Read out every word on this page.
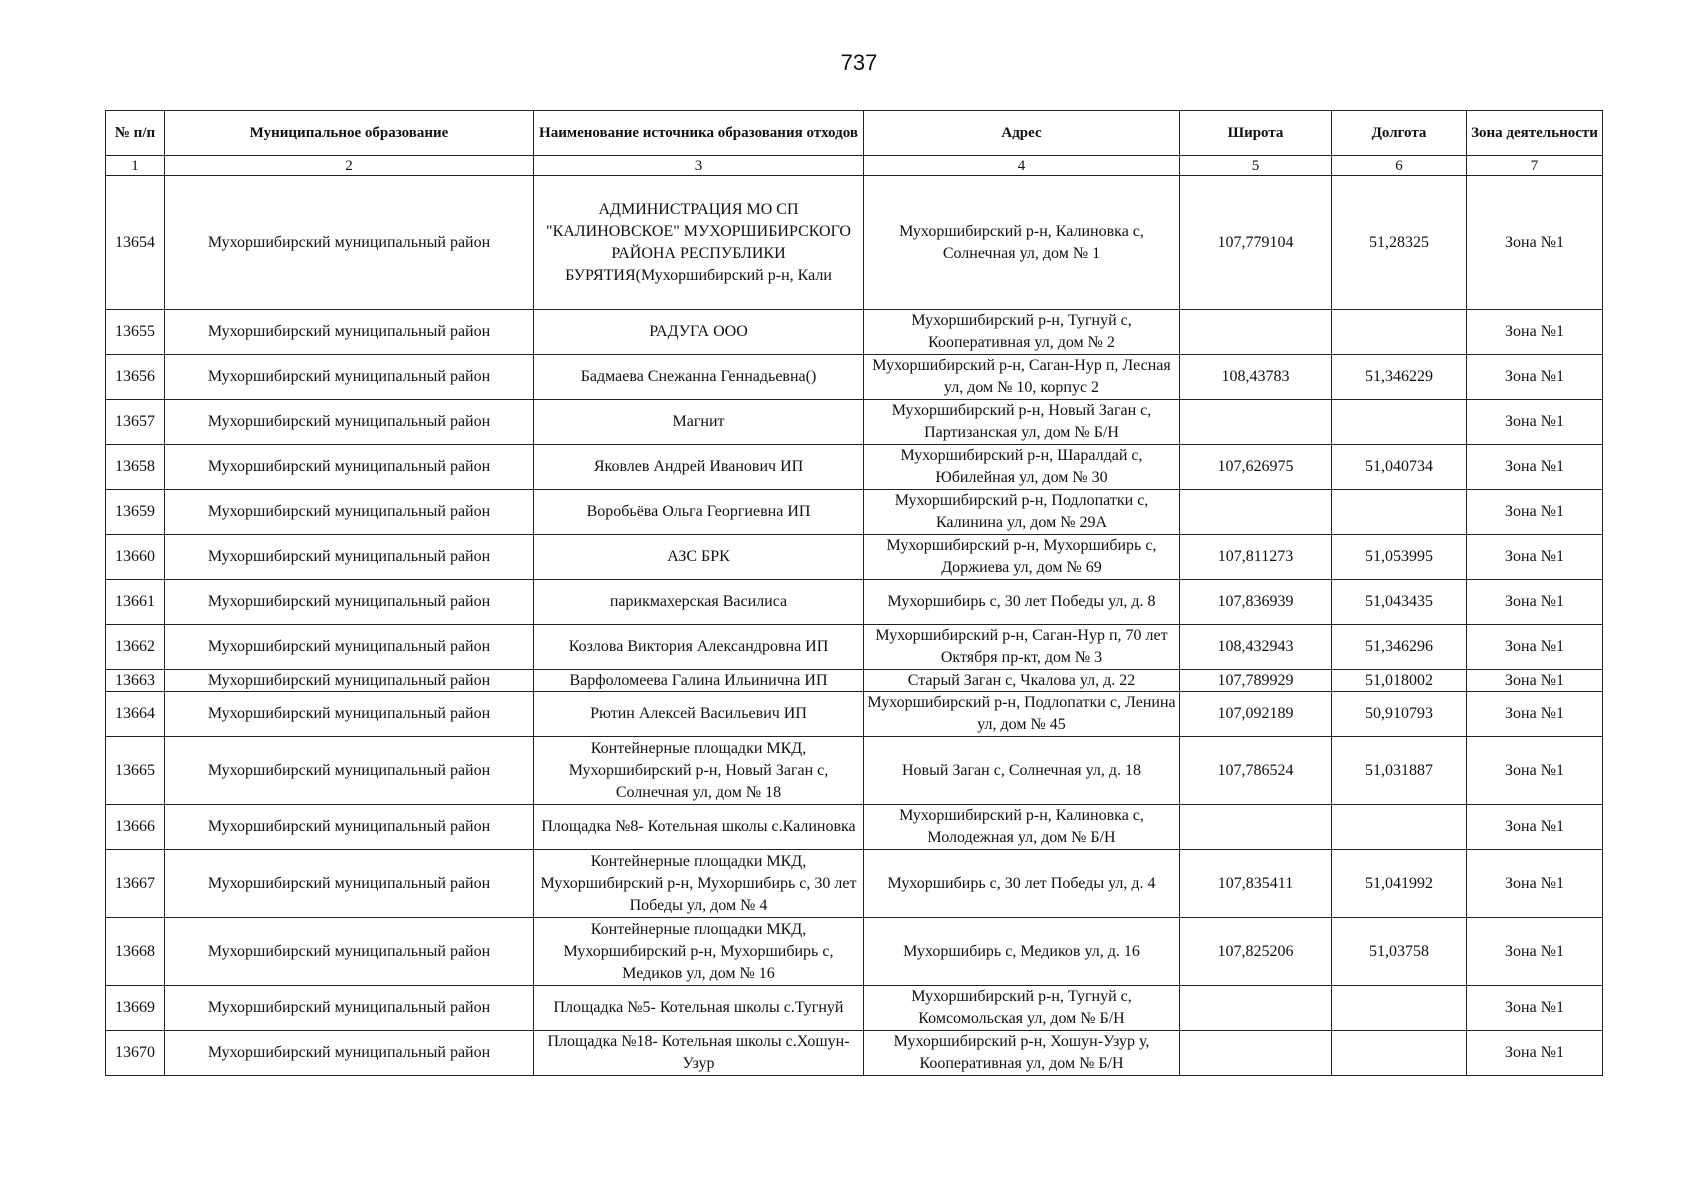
737
№ п/п	Муниципальное образование	Наименование источника образования отходов	Адрес	Широта	Долгота	Зона деятельности
1	2	3	4	5	6	7
13654	Мухоршибирский муниципальный район	АДМИНИСТРАЦИЯ МО СП "КАЛИНОВСКОЕ" МУХОРШИБИРСКОГО РАЙОНА РЕСПУБЛИКИ БУРЯТИЯ(Мухоршибирский р-н, Кали	Мухоршибирский р-н, Калиновка с, Солнечная ул, дом № 1	107,779104	51,28325	Зона №1
13655	Мухоршибирский муниципальный район	РАДУГА ООО	Мухоршибирский р-н, Тугнуй с, Кооперативная ул, дом № 2			Зона №1
13656	Мухоршибирский муниципальный район	Бадмаева Снежанна Геннадьевна()	Мухоршибирский р-н, Саган-Нур п, Лесная ул, дом № 10, корпус 2	108,43783	51,346229	Зона №1
13657	Мухоршибирский муниципальный район	Магнит	Мухоршибирский р-н, Новый Заган с, Партизанская ул, дом № Б/Н			Зона №1
13658	Мухоршибирский муниципальный район	Яковлев Андрей Иванович ИП	Мухоршибирский р-н, Шаралдай с, Юбилейная ул, дом № 30	107,626975	51,040734	Зона №1
13659	Мухоршибирский муниципальный район	Воробьёва Ольга Георгиевна ИП	Мухоршибирский р-н, Подлопатки с, Калинина ул, дом № 29А			Зона №1
13660	Мухоршибирский муниципальный район	АЗС БРК	Мухоршибирский р-н, Мухоршибирь с, Доржиева ул, дом № 69	107,811273	51,053995	Зона №1
13661	Мухоршибирский муниципальный район	парикмахерская Василиса	Мухоршибирь с, 30 лет Победы ул, д. 8	107,836939	51,043435	Зона №1
13662	Мухоршибирский муниципальный район	Козлова Виктория Александровна ИП	Мухоршибирский р-н, Саган-Нур п, 70 лет Октября пр-кт, дом № 3	108,432943	51,346296	Зона №1
13663	Мухоршибирский муниципальный район	Варфоломеева Галина Ильинична ИП	Старый Заган с, Чкалова ул, д. 22	107,789929	51,018002	Зона №1
13664	Мухоршибирский муниципальный район	Рютин Алексей Васильевич ИП	Мухоршибирский р-н, Подлопатки с, Ленина ул, дом № 45	107,092189	50,910793	Зона №1
13665	Мухоршибирский муниципальный район	Контейнерные площадки МКД, Мухоршибирский р-н, Новый Заган с, Солнечная ул, дом № 18	Новый Заган с, Солнечная ул, д. 18	107,786524	51,031887	Зона №1
13666	Мухоршибирский муниципальный район	Площадка №8- Котельная школы с.Калиновка	Мухоршибирский р-н, Калиновка с, Молодежная ул, дом № Б/Н			Зона №1
13667	Мухоршибирский муниципальный район	Контейнерные площадки МКД, Мухоршибирский р-н, Мухоршибирь с, 30 лет Победы ул, дом № 4	Мухоршибирь с, 30 лет Победы ул, д. 4	107,835411	51,041992	Зона №1
13668	Мухоршибирский муниципальный район	Контейнерные площадки МКД, Мухоршибирский р-н, Мухоршибирь с, Медиков ул, дом № 16	Мухоршибирь с, Медиков ул, д. 16	107,825206	51,03758	Зона №1
13669	Мухоршибирский муниципальный район	Площадка №5- Котельная школы с.Тугнуй	Мухоршибирский р-н, Тугнуй с, Комсомольская ул, дом № Б/Н			Зона №1
13670	Мухоршибирский муниципальный район	Площадка №18- Котельная школы с.Хошун-Узур	Мухоршибирский р-н, Хошун-Узур у, Кооперативная ул, дом № Б/Н			Зона №1
